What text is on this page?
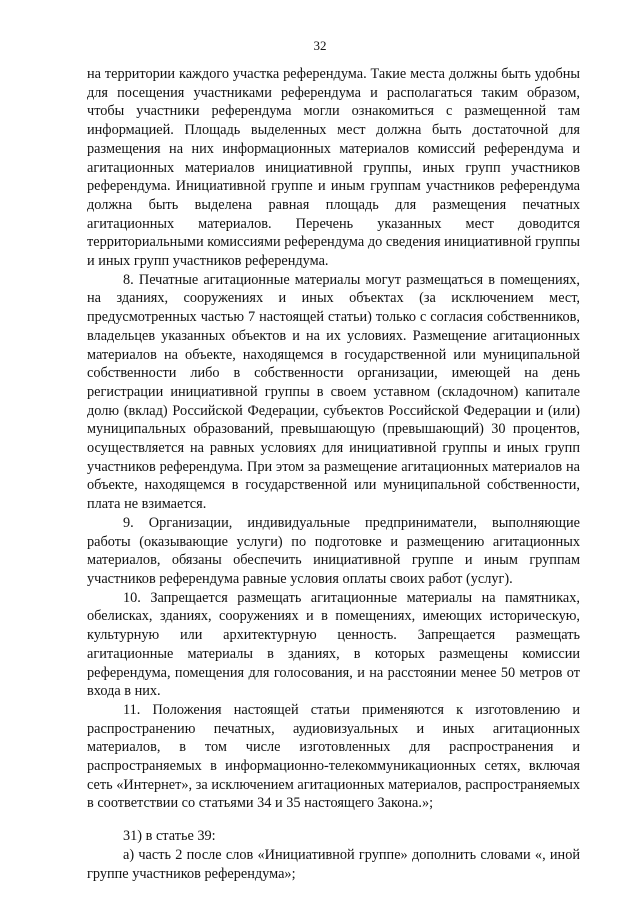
32

на территории каждого участка референдума. Такие места должны быть удобны для посещения участниками референдума и располагаться таким образом, чтобы участники референдума могли ознакомиться с размещенной там информацией. Площадь выделенных мест должна быть достаточной для размещения на них информационных материалов комиссий референдума и агитационных материалов инициативной группы, иных групп участников референдума. Инициативной группе и иным группам участников референдума должна быть выделена равная площадь для размещения печатных агитационных материалов. Перечень указанных мест доводится территориальными комиссиями референдума до сведения инициативной группы и иных групп участников референдума.

8. Печатные агитационные материалы могут размещаться в помещениях, на зданиях, сооружениях и иных объектах (за исключением мест, предусмотренных частью 7 настоящей статьи) только с согласия собственников, владельцев указанных объектов и на их условиях. Размещение агитационных материалов на объекте, находящемся в государственной или муниципальной собственности либо в собственности организации, имеющей на день регистрации инициативной группы в своем уставном (складочном) капитале долю (вклад) Российской Федерации, субъектов Российской Федерации и (или) муниципальных образований, превышающую (превышающий) 30 процентов, осуществляется на равных условиях для инициативной группы и иных групп участников референдума. При этом за размещение агитационных материалов на объекте, находящемся в государственной или муниципальной собственности, плата не взимается.

9. Организации, индивидуальные предприниматели, выполняющие работы (оказывающие услуги) по подготовке и размещению агитационных материалов, обязаны обеспечить инициативной группе и иным группам участников референдума равные условия оплаты своих работ (услуг).

10. Запрещается размещать агитационные материалы на памятниках, обелисках, зданиях, сооружениях и в помещениях, имеющих историческую, культурную или архитектурную ценность. Запрещается размещать агитационные материалы в зданиях, в которых размещены комиссии референдума, помещения для голосования, и на расстоянии менее 50 метров от входа в них.

11. Положения настоящей статьи применяются к изготовлению и распространению печатных, аудиовизуальных и иных агитационных материалов, в том числе изготовленных для распространения и распространяемых в информационно-телекоммуникационных сетях, включая сеть «Интернет», за исключением агитационных материалов, распространяемых в соответствии со статьями 34 и 35 настоящего Закона.»;

31) в статье 39:

а) часть 2 после слов «Инициативной группе» дополнить словами «, иной группе участников референдума»;
